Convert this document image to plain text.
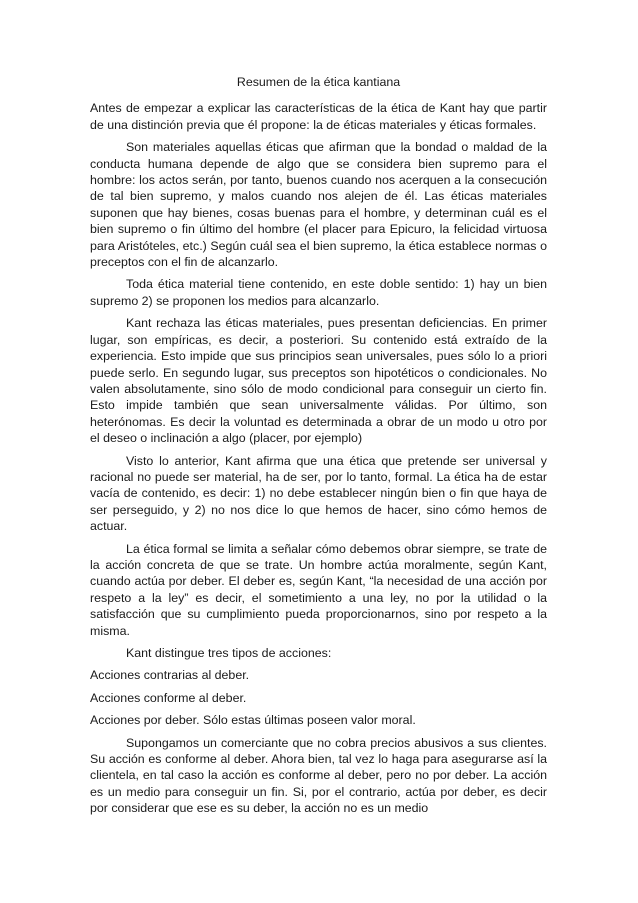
Resumen de la ética kantiana

Antes de empezar a explicar las características de la ética de Kant hay que partir de una distinción previa que él propone: la de éticas materiales y éticas formales.

Son materiales aquellas éticas que afirman que la bondad o maldad de la conducta humana depende de algo que se considera bien supremo para el hombre: los actos serán, por tanto, buenos cuando nos acerquen a la consecución de tal bien supremo, y malos cuando nos alejen de él. Las éticas materiales suponen que hay bienes, cosas buenas para el hombre, y determinan cuál es el bien supremo o fin último del hombre (el placer para Epicuro, la felicidad virtuosa para Aristóteles, etc.) Según cuál sea el bien supremo, la ética establece normas o preceptos con el fin de alcanzarlo.

Toda ética material tiene contenido, en este doble sentido: 1) hay un bien supremo 2) se proponen los medios para alcanzarlo.

Kant rechaza las éticas materiales, pues presentan deficiencias. En primer lugar, son empíricas, es decir, a posteriori. Su contenido está extraído de la experiencia. Esto impide que sus principios sean universales, pues sólo lo a priori puede serlo. En segundo lugar, sus preceptos son hipotéticos o condicionales. No valen absolutamente, sino sólo de modo condicional para conseguir un cierto fin. Esto impide también que sean universalmente válidas. Por último, son heterónomas. Es decir la voluntad es determinada a obrar de un modo u otro por el deseo o inclinación a algo (placer, por ejemplo)

Visto lo anterior, Kant afirma que una ética que pretende ser universal y racional no puede ser material, ha de ser, por lo tanto, formal. La ética ha de estar vacía de contenido, es decir: 1) no debe establecer ningún bien o fin que haya de ser perseguido, y 2) no nos dice lo que hemos de hacer, sino cómo hemos de actuar.

La ética formal se limita a señalar cómo debemos obrar siempre, se trate de la acción concreta de que se trate. Un hombre actúa moralmente, según Kant, cuando actúa por deber. El deber es, según Kant, “la necesidad de una acción por respeto a la ley” es decir, el sometimiento a una ley, no por la utilidad o la satisfacción que su cumplimiento pueda proporcionarnos, sino por respeto a la misma.

Kant distingue tres tipos de acciones:

Acciones contrarias al deber.

Acciones conforme al deber.

Acciones por deber. Sólo estas últimas poseen valor moral.

Supongamos un comerciante que no cobra precios abusivos a sus clientes. Su acción es conforme al deber. Ahora bien, tal vez lo haga para asegurarse así la clientela, en tal caso la acción es conforme al deber, pero no por deber. La acción es un medio para conseguir un fin. Si, por el contrario, actúa por deber, es decir por considerar que ese es su deber, la acción no es un medio
